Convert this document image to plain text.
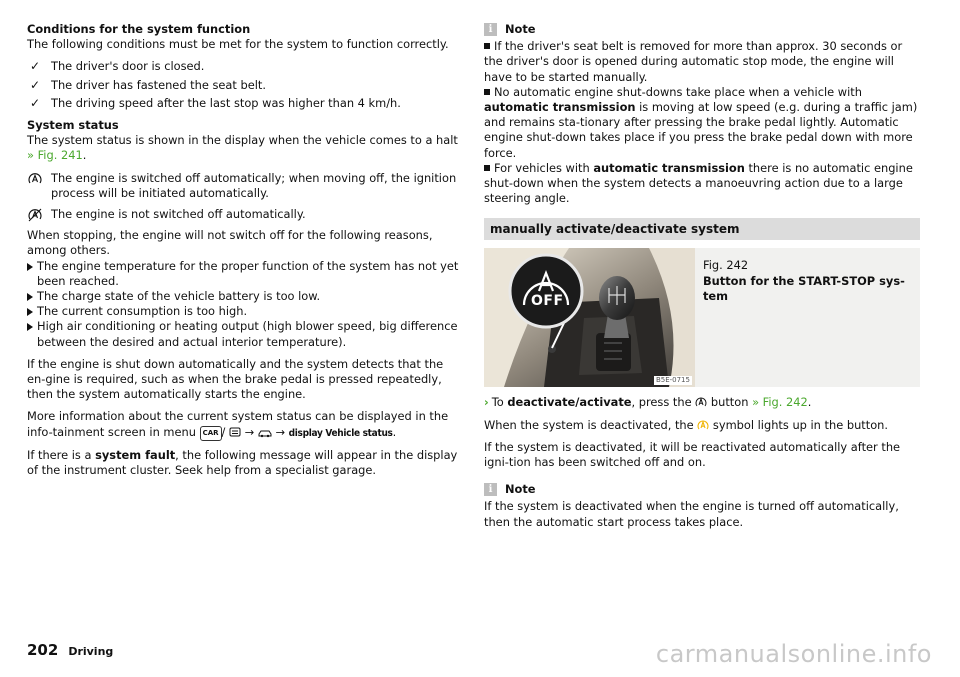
Conditions for the system function

The following conditions must be met for the system to function correctly.

✓ The driver's door is closed.
✓ The driver has fastened the seat belt.
✓ The driving speed after the last stop was higher than 4 km/h.
System status

The system status is shown in the display when the vehicle comes to a halt » Fig. 241.

The engine is switched off automatically; when moving off, the ignition process will be initiated automatically.
The engine is not switched off automatically.

When stopping, the engine will not switch off for the following reasons, among others.

The engine temperature for the proper function of the system has not yet been reached.
The charge state of the vehicle battery is too low.
The current consumption is too high.
High air conditioning or heating output (high blower speed, big difference between the desired and actual interior temperature).

If the engine is shut down automatically and the system detects that the en-gine is required, such as when the brake pedal is pressed repeatedly, then the system automatically starts the engine.

More information about the current system status can be displayed in the info-tainment screen in menu CAR /  → → display Vehicle status.

If there is a system fault, the following message will appear in the display of the instrument cluster. Seek help from a specialist garage.

i	Note
If the driver's seat belt is removed for more than approx. 30 seconds or the driver's door is opened during automatic stop mode, the engine will have to be started manually.
No automatic engine shut-downs take place when a vehicle with automatic transmission is moving at low speed (e.g. during a traffic jam) and remains sta-tionary after pressing the brake pedal lightly. Automatic engine shut-down takes place if you press the brake pedal down with more force.
For vehicles with automatic transmission there is no automatic engine shut-down when the system detects a manoeuvring action due to a large steering angle.
manually activate/deactivate system
B5E-0715
OFF
Fig. 242
Button for the START-STOP sys-tem

› To deactivate/activate, press the button » Fig. 242.

When the system is deactivated, the symbol lights up in the button.

If the system is deactivated, it will be reactivated automatically after the igni-tion has been switched off and on.

i	Note

If the system is deactivated when the engine is turned off automatically, then the automatic start process takes place.

202 Driving	carmanualsonline.info
